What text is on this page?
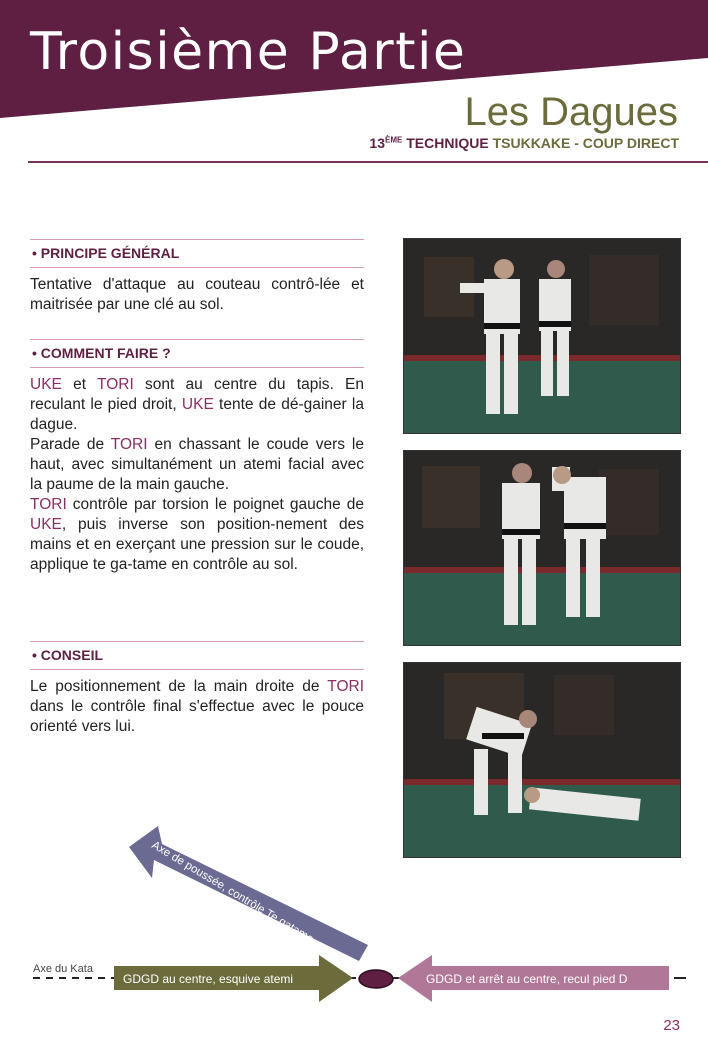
Troisième Partie
Les Dagues
13ÈME TECHNIQUE TSUKKAKE - COUP DIRECT
• PRINCIPE GÉNÉRAL
Tentative d'attaque au couteau contrô-lée et maitrisée par une clé au sol.
• COMMENT FAIRE ?
UKE et TORI sont au centre du tapis. En reculant le pied droit, UKE tente de dé-gainer la dague.
Parade de TORI en chassant le coude vers le haut, avec simultanément un atemi facial avec la paume de la main gauche.
TORI contrôle par torsion le poignet gauche de UKE, puis inverse son position-nement des mains et en exerçant une pression sur le coude, applique te ga-tame en contrôle au sol.
• CONSEIL
Le positionnement de la main droite de TORI dans le contrôle final s'effectue avec le pouce orienté vers lui.
Axe du Kata
Axe de poussée, contrôle Te gatame
GDGD au centre, esquive atemi	GDGD et arrêt au centre, recul pied D
23
